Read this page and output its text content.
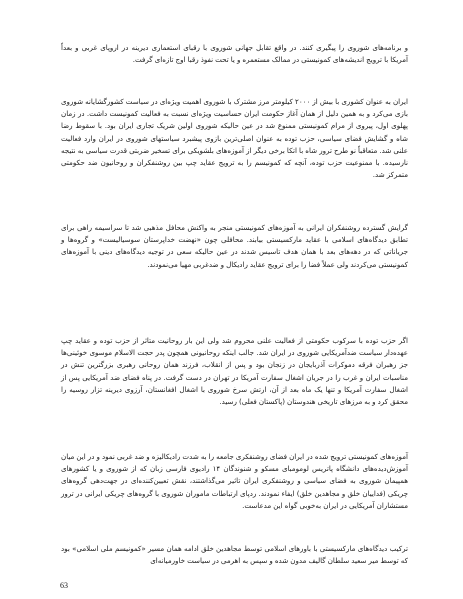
و برنامه‌های شوروی را پیگیری کنند. در واقع تقابل جهانی شوروی با رقبای استعماری دیرینه در اروپای غربی و بعداً آمریکا با ترویج اندیشه‌های کمونیستی در ممالک مستعمره و یا تحت نفوذ رقبا اوج تازه‌ای گرفت.
ایران به عنوان کشوری با بیش از ۲۰۰۰ کیلومتر مرز مشترک با شوروی اهمیت ویژه‌ای در سیاست کشورگشایانه شوروی بازی می‌کرد و به همین دلیل از همان آغاز حکومت ایران حساسیت ویژه‌ای نسبت به فعالیت کمونیست داشت. در زمان پهلوی اول، پیروی از مرام کمونیستی ممنوع شد در عین حالیکه شوروی اولین شریک تجاری ایران بود. با سقوط رضا شاه و گشایش فضای سیاسی، حزب توده به عنوان اصلی‌ترین بازوی پیشبرد سیاستهای شوروی در ایران وارد فعالیت علنی شد. متعاقباً نو طرح ترور شاه با اتکا برخی دیگر از آموزه‌های بلشویکی برای تسخیر ضربتی قدرت سیاسی به نتیجه نارسیده. با ممنوعیت حزب توده، آنچه که کمونیسم را به ترویج عقاید چپ بین روشنفکران و روحانیون ضد حکومتی متمرکز شد.
گرایش گسترده روشنفکران ایرانی به آموزه‌های کمونیستی منجر به واکنش محافل مذهبی شد تا سراسیمه راهی برای تطابق دیدگاه‌های اسلامی با عقاید مارکسیستی بیابند. محافلی چون «نهضت خداپرستان سوسیالیست» و گروه‌ها و جریاناتی که در دهه‌های بعد با همان هدف تاسیس شدند در عین حالیکه سعی در توجیه دیدگاه‌های دینی با آموزه‌های کمونیستی می‌کردند ولی عملاً فضا را برای ترویج عقاید رادیکال و ضدغربی مهیا می‌نمودند.
اگر حزب توده با سرکوب حکومتی از فعالیت علنی محروم شد ولی این بار روحانیت متاثر از حزب توده و عقاید چپ عهده‌دار سیاست ضدآمریکایی شوروی در ایران شد. جالب اینکه روحانیونی همچون پدر حجت الاسلام موسوی خوئینی‌ها جز رهبران فرقه دموکرات آذربایجان در زنجان بود و پس از انقلاب، فرزند همان روحانی رهبری بزرگترین تنش در مناسبات ایران و غرب را در جریان اشغال سفارت آمریکا در تهران در دست گرفت. در پناه فضای ضد آمریکایی پس از اشغال سفارت آمریکا و تنها یک ماه بعد از آن، ارتش سرخ شوروی با اشغال افغانستان، آرزوی دیرینه تزار روسیه را محقق کرد و به مرزهای تاریخی هندوستان (پاکستان فعلی) رسید.
آموزه‌های کمونیستی ترویج شده در ایران فضای روشنفکری جامعه را به شدت رادیکالیزه و ضد غربی نمود و در این میان آموزش‌دیده‌های دانشگاه پاتریس لومومبای مسکو و شنوندگان ۱۴ رادیوی فارسی زبان که از شوروی و یا کشورهای همپیمان شوروی به فضای سیاسی و روشنفکری ایران تاثیر می‌گذاشتند، نقش تعیین‌کننده‌ای در جهت‌دهی گروه‌های چریکی (فداییان خلق و مجاهدین خلق) ایفاء نمودند. ردپای ارتباطات ماموران شوروی با گروه‌های چریکی ایرانی در ترور مستشاران آمریکایی در ایران به‌خوبی گواه این مدعاست.
ترکیب دیدگاه‌های مارکسیستی با باورهای اسلامی توسط مجاهدین خلق ادامه همان مسیر «کمونیسم ملی اسلامی» بود که توسط میر سعید سلطان گالیف مدون شده و سپس به اهرمی در سیاست خاورمیانه‌ای
63
